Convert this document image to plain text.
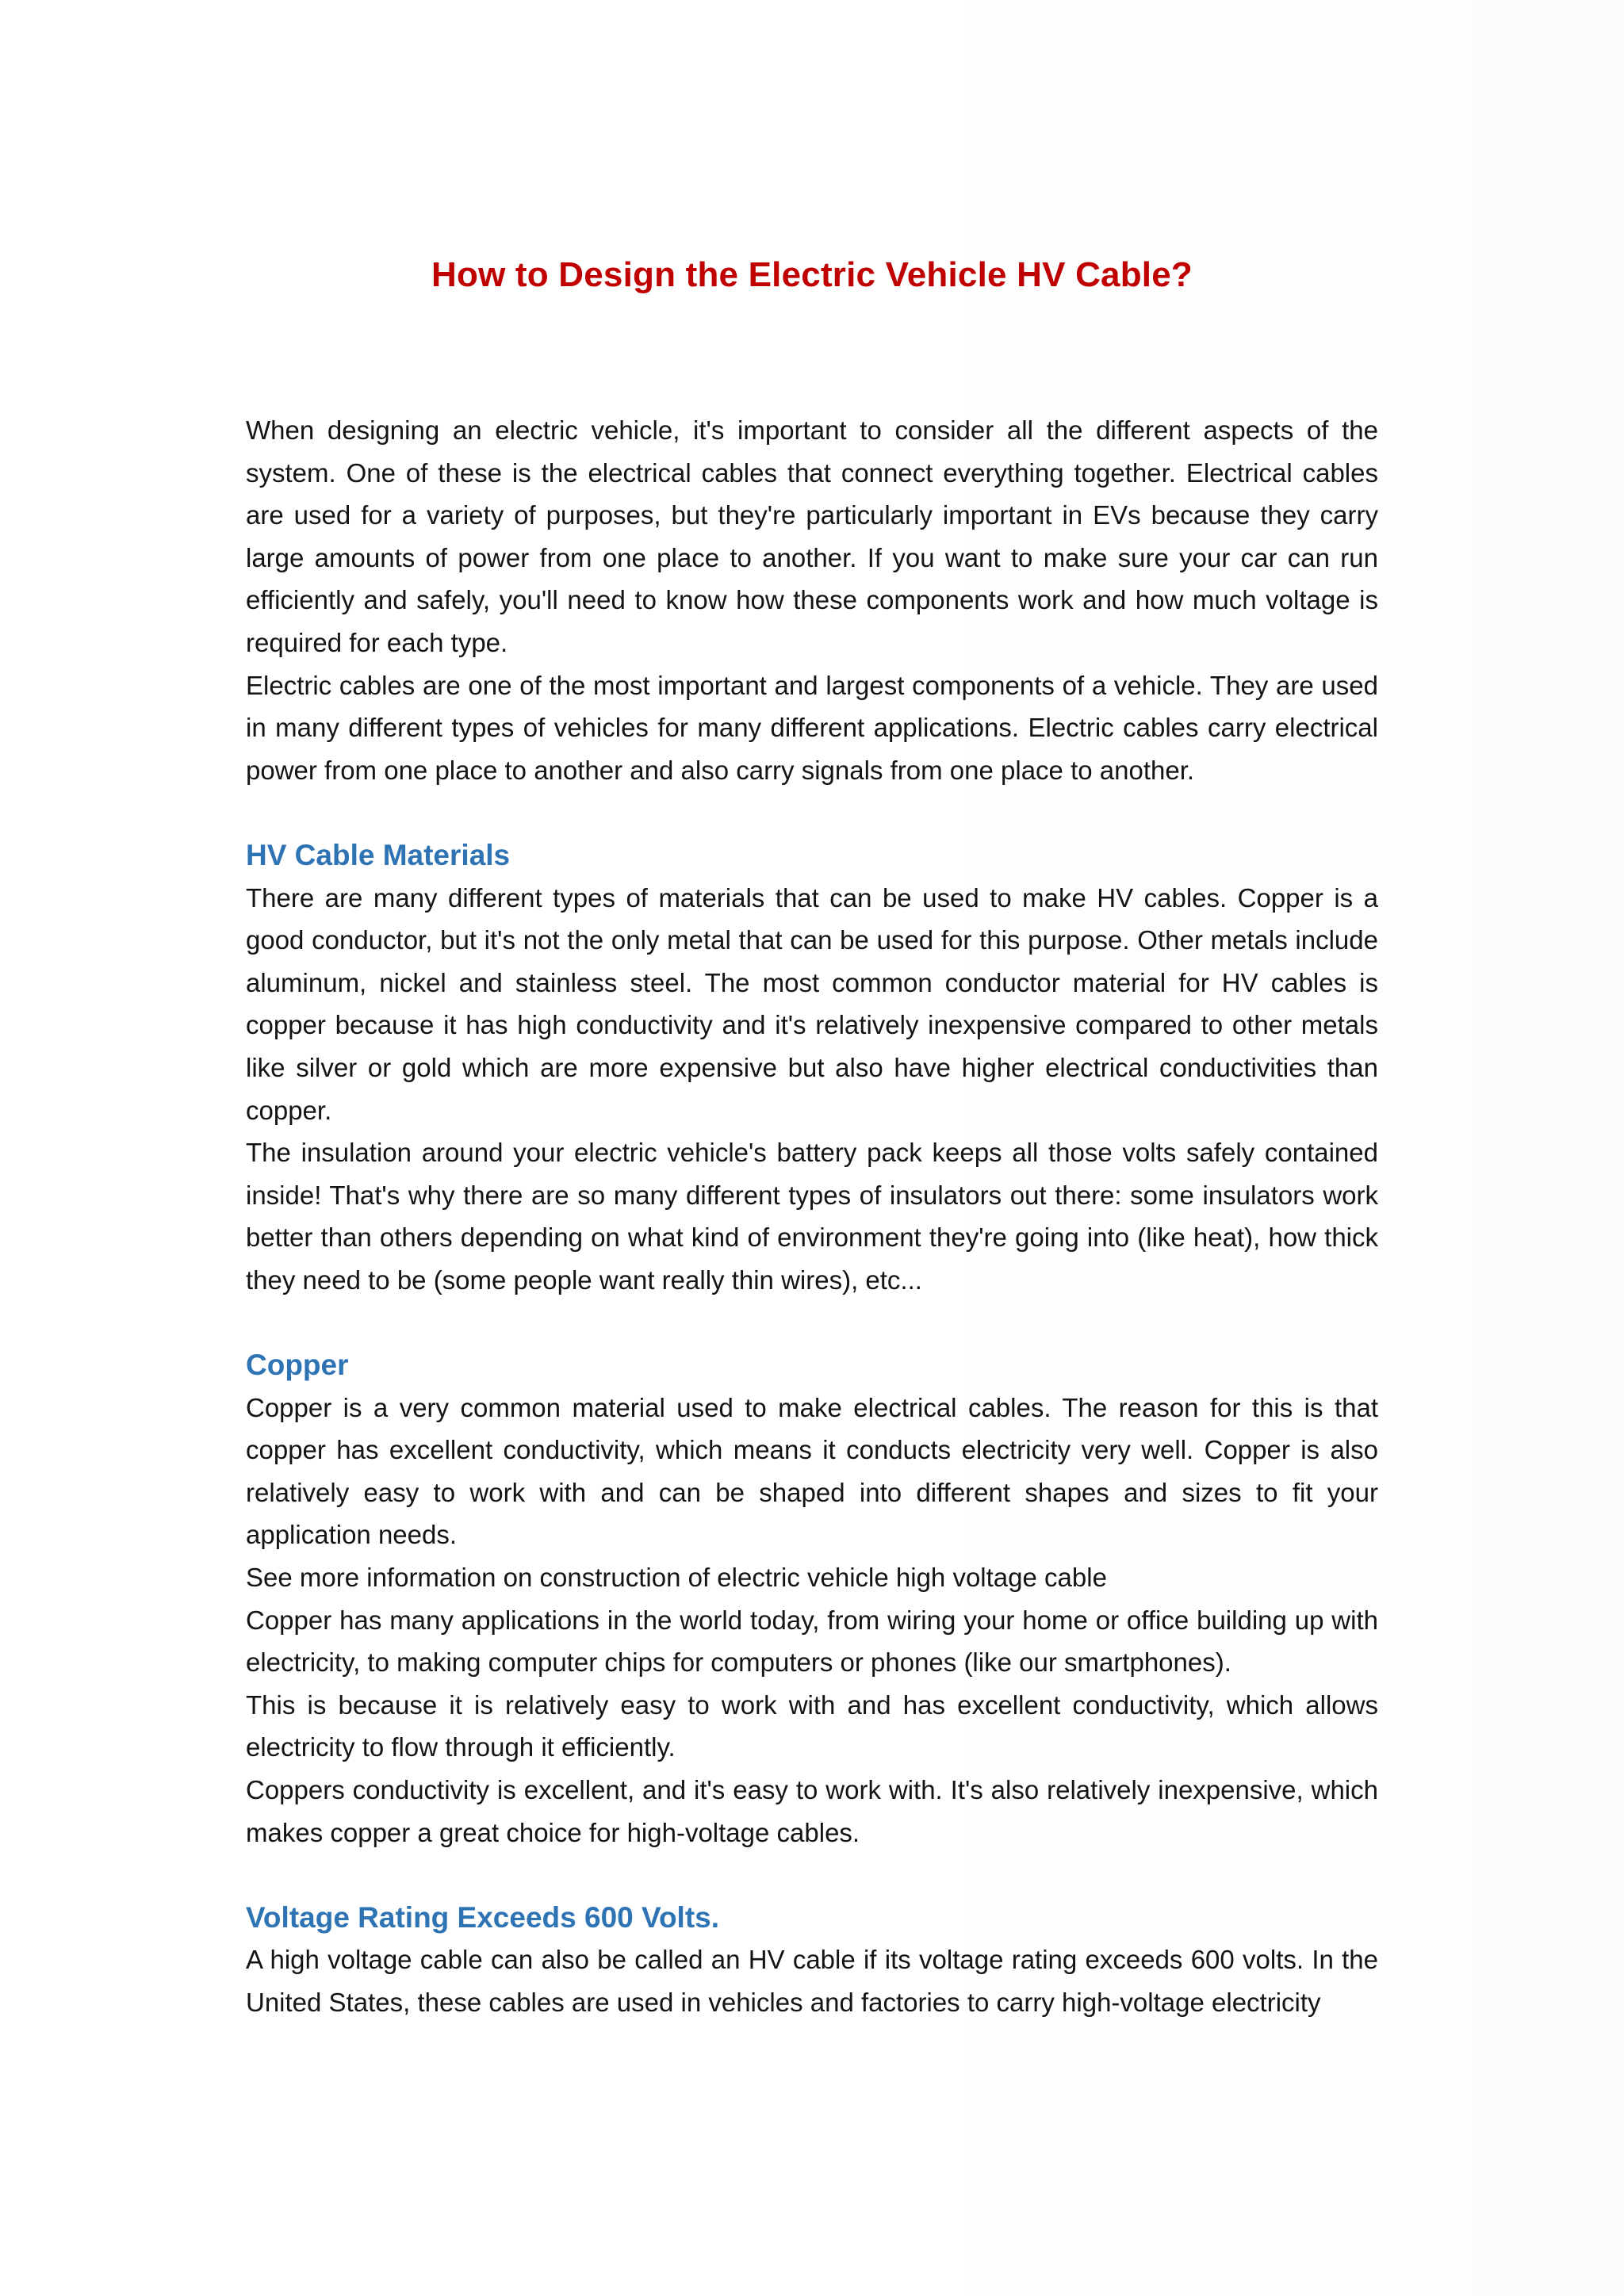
How to Design the Electric Vehicle HV Cable?

When designing an electric vehicle, it's important to consider all the different aspects of the system. One of these is the electrical cables that connect everything together. Electrical cables are used for a variety of purposes, but they're particularly important in EVs because they carry large amounts of power from one place to another. If you want to make sure your car can run efficiently and safely, you'll need to know how these components work and how much voltage is required for each type.

Electric cables are one of the most important and largest components of a vehicle. They are used in many different types of vehicles for many different applications. Electric cables carry electrical power from one place to another and also carry signals from one place to another.

HV Cable Materials

There are many different types of materials that can be used to make HV cables. Copper is a good conductor, but it's not the only metal that can be used for this purpose. Other metals include aluminum, nickel and stainless steel. The most common conductor material for HV cables is copper because it has high conductivity and it's relatively inexpensive compared to other metals like silver or gold which are more expensive but also have higher electrical conductivities than copper.

The insulation around your electric vehicle's battery pack keeps all those volts safely contained inside! That's why there are so many different types of insulators out there: some insulators work better than others depending on what kind of environment they're going into (like heat), how thick they need to be (some people want really thin wires), etc...

Copper

Copper is a very common material used to make electrical cables. The reason for this is that copper has excellent conductivity, which means it conducts electricity very well. Copper is also relatively easy to work with and can be shaped into different shapes and sizes to fit your application needs.

See more information on construction of electric vehicle high voltage cable

Copper has many applications in the world today, from wiring your home or office building up with electricity, to making computer chips for computers or phones (like our smartphones).

This is because it is relatively easy to work with and has excellent conductivity, which allows electricity to flow through it efficiently.

Coppers conductivity is excellent, and it's easy to work with. It's also relatively inexpensive, which makes copper a great choice for high-voltage cables.

Voltage Rating Exceeds 600 Volts.

A high voltage cable can also be called an HV cable if its voltage rating exceeds 600 volts. In the United States, these cables are used in vehicles and factories to carry high-voltage electricity
